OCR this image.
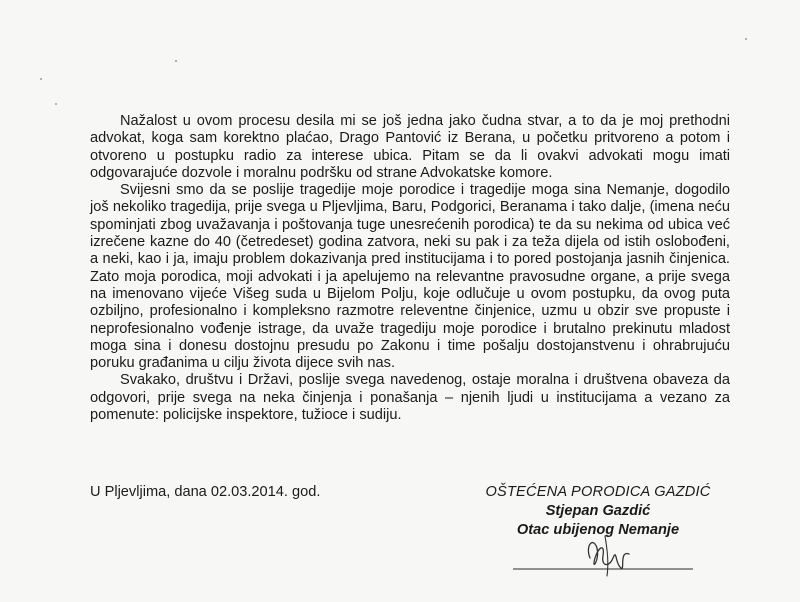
Nažalost u ovom procesu desila mi se još jedna jako čudna stvar, a to da je moj prethodni advokat, koga sam korektno plaćao, Drago Pantović iz Berana, u početku pritvoreno a potom i otvoreno u postupku radio za interese ubica. Pitam se da li ovakvi advokati mogu imati odgovarajuće dozvole i moralnu podršku od strane Advokatske komore.

Svijesni smo da se poslije tragedije moje porodice i tragedije moga sina Nemanje, dogodilo još nekoliko tragedija, prije svega u Pljevljima, Baru, Podgorici, Beranama i tako dalje, (imena neću spominjati zbog uvažavanja i poštovanja tuge unesrećenih porodica) te da su nekima od ubica već izrečene kazne do 40 (četredeset) godina zatvora, neki su pak i za teža dijela od istih oslobođeni, a neki, kao i ja, imaju problem dokazivanja pred institucijama i to pored postojanja jasnih činjenica. Zato moja porodica, moji advokati i ja apelujemo na relevantne pravosudne organe, a prije svega na imenovano vijeće Višeg suda u Bijelom Polju, koje odlučuje u ovom postupku, da ovog puta ozbiljno, profesionalno i kompleksno razmotre releventne činjenice, uzmu u obzir sve propuste i neprofesionalno vođenje istrage, da uvaže tragediju moje porodice i brutalno prekinutu mladost moga sina i donesu dostojnu presudu po Zakonu i time pošalju dostojanstvenu i ohrabrujuću poruku građanima u cilju života dijece svih nas.

Svakako, društvu i Državi, poslije svega navedenog, ostaje moralna i društvena obaveza da odgovori, prije svega na neka činjenja i ponašanja – njenih ljudi u institucijama a vezano za pomenute: policijske inspektore, tužioce i sudiju.

U Pljevljima, dana 02.03.2014. god.	OŠTEĆENA PORODICA GAZDIĆ
Stjepan Gazdić
Otac ubijenog Nemanje
